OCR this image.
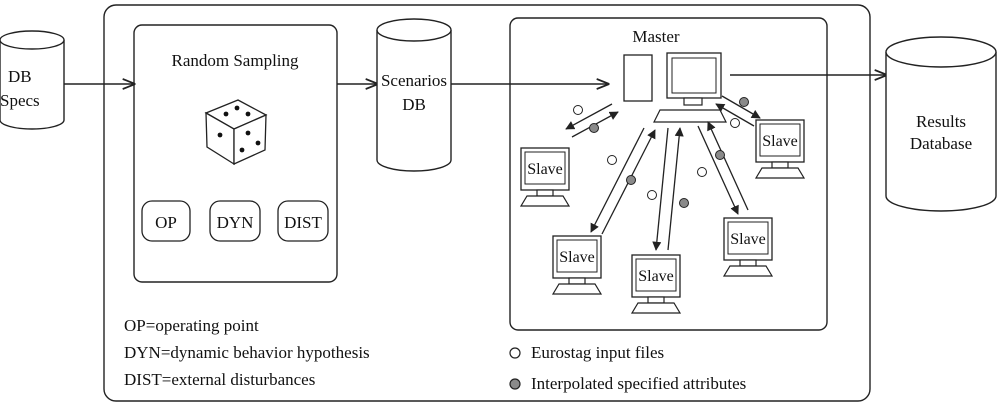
DB
Specs
Random Sampling
OP DYN DIST
Scenarios
DB
Master
Slave
Slave
Slave
Slave
Slave
Results
Database
OP=operating point
DYN=dynamic behavior hypothesis
DIST=external disturbances
Eurostag input files
Interpolated specified attributes
